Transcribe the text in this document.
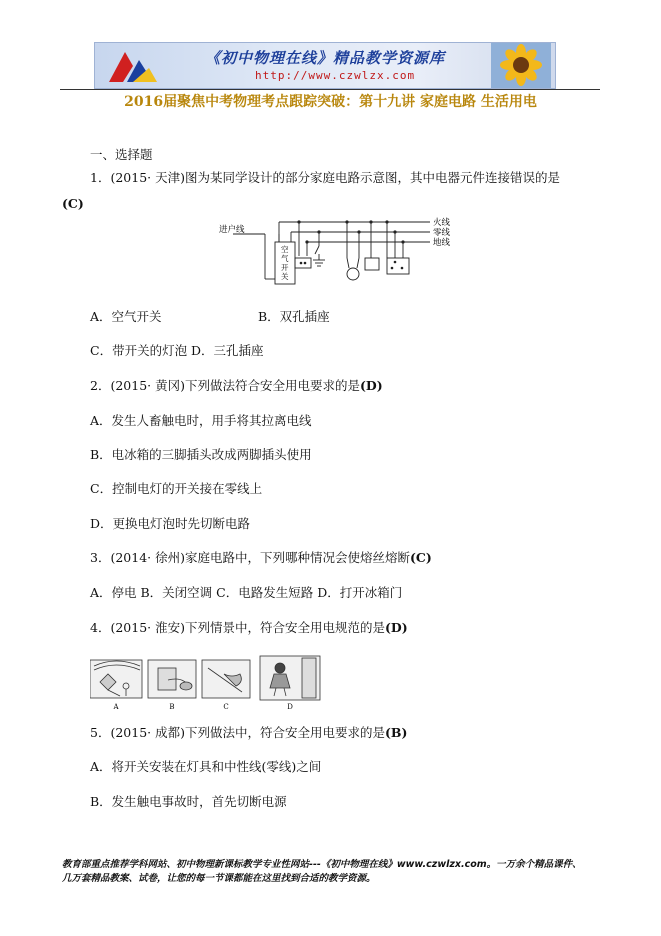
《初中物理在线》精品教学资源库
http://www.czwlzx.com
2016届聚焦中考物理考点跟踪突破：第十九讲 家庭电路 生活用电
一、选择题
1．(2015· 天津)图为某同学设计的部分家庭电路示意图，其中电器元件连接错误的是
(C)
进户线
火线
零线
地线
空
气
开
关
A．空气开关	B．双孔插座
C．带开关的灯泡 D．三孔插座
2．(2015· 黄冈)下列做法符合安全用电要求的是(D)
A．发生人畜触电时，用手将其拉离电线
B．电冰箱的三脚插头改成两脚插头使用
C．控制电灯的开关接在零线上
D．更换电灯泡时先切断电路
3．(2014· 徐州)家庭电路中，下列哪种情况会使熔丝熔断(C)
A．停电 B．关闭空调 C．电路发生短路 D．打开冰箱门
4．(2015· 淮安)下列情景中，符合安全用电规范的是(D)
A	B	C	D
5．(2015· 成都)下列做法中，符合安全用电要求的是(B)
A．将开关安装在灯具和中性线(零线)之间
B．发生触电事故时，首先切断电源
教育部重点推荐学科网站、初中物理新课标教学专业性网站---《初中物理在线》www.czwlzx.com。一万余个精品课件、
几万套精品教案、试卷，让您的每一节课都能在这里找到合适的教学资源。
